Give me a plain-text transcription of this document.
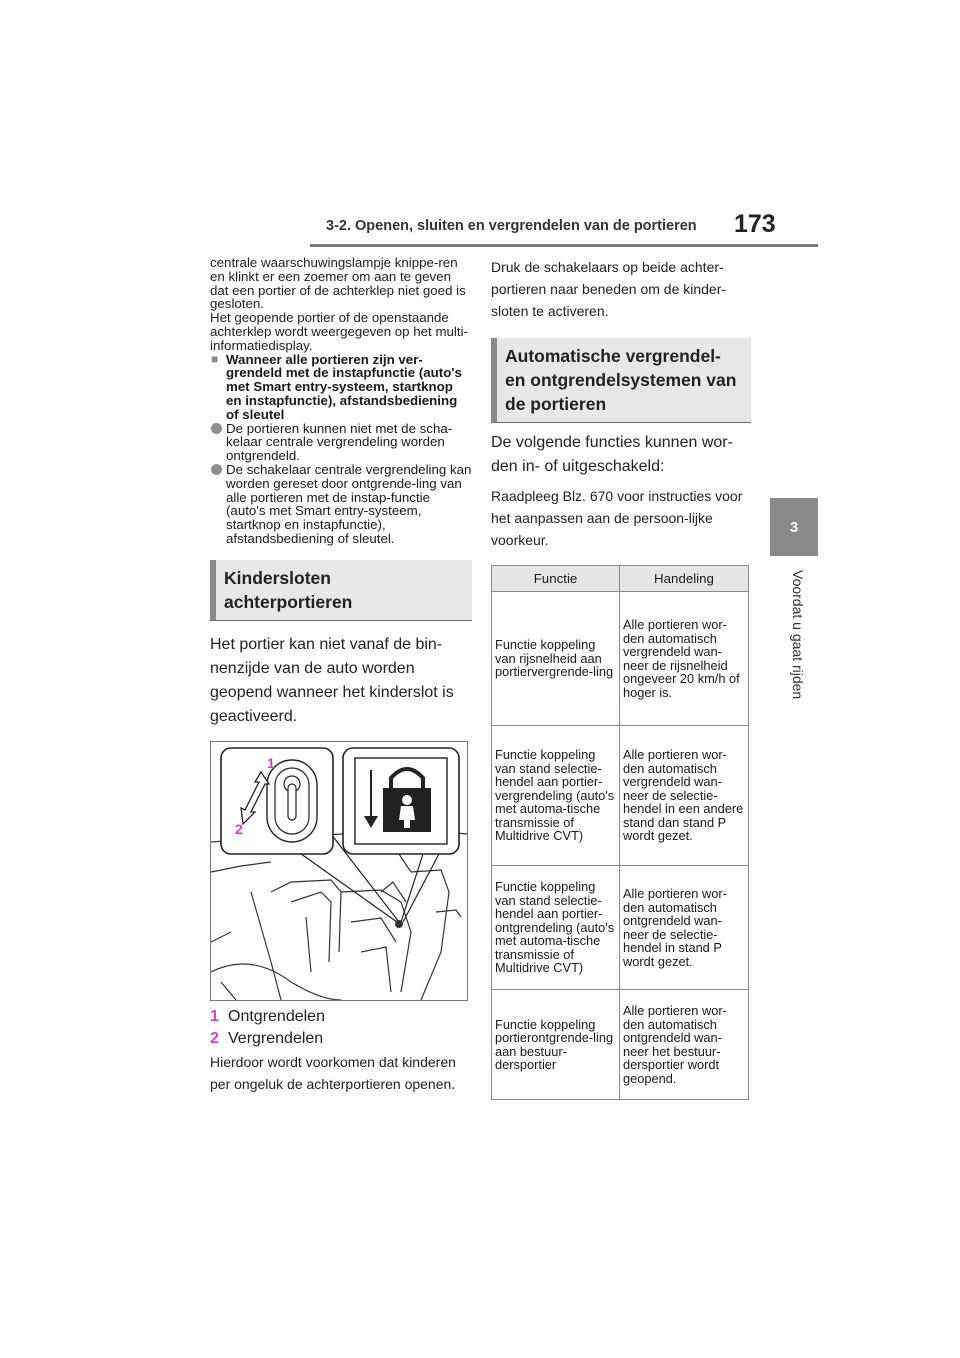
3-2. Openen, sluiten en vergrendelen van de portieren 173
3
Voordat u gaat rijden

centrale waarschuwingslampje knippe-ren en klinkt er een zoemer om aan te geven dat een portier of de achterklep niet goed is gesloten.

Het geopende portier of de openstaande achterklep wordt weergegeven op het multi-informatiedisplay.

■ Wanneer alle portieren zijn ver-grendeld met de instapfunctie (auto's met Smart entry-systeem, startknop en instapfunctie), afstandsbediening of sleutel
De portieren kunnen niet met de scha-kelaar centrale vergrendeling worden ontgrendeld.
De schakelaar centrale vergrendeling kan worden gereset door ontgrende-ling van alle portieren met de instap-functie (auto's met Smart entry-systeem, startknop en instapfunctie), afstandsbediening of sleutel.
Kindersloten achterportieren

Het portier kan niet vanaf de bin-nenzijde van de auto worden geopend wanneer het kinderslot is geactiveerd.

1
2
1 Ontgrendelen
2 Vergrendelen

Hierdoor wordt voorkomen dat kinderen per ongeluk de achterportieren openen.

Druk de schakelaars op beide achter-portieren naar beneden om de kinder-sloten te activeren.

Automatische vergrendel- en ontgrendelsystemen van de portieren

De volgende functies kunnen wor-den in- of uitgeschakeld:

Raadpleeg Blz. 670 voor instructies voor het aanpassen aan de persoon-lijke voorkeur.

Functie	Handeling
Functie koppeling van rijsnelheid aan portiervergrende-ling	Alle portieren wor-den automatisch vergrendeld wan-neer de rijsnelheid ongeveer 20 km/h of hoger is.
Functie koppeling van stand selectie-hendel aan portier-vergrendeling (auto's met automa-tische transmissie of Multidrive CVT)	Alle portieren wor-den automatisch vergrendeld wan-neer de selectie-hendel in een andere stand dan stand P wordt gezet.
Functie koppeling van stand selectie-hendel aan portier-ontgrendeling (auto's met automa-tische transmissie of Multidrive CVT)	Alle portieren wor-den automatisch ontgrendeld wan-neer de selectie-hendel in stand P wordt gezet.
Functie koppeling portierontgrende-ling aan bestuur-dersportier	Alle portieren wor-den automatisch ontgrendeld wan-neer het bestuur-dersportier wordt geopend.
